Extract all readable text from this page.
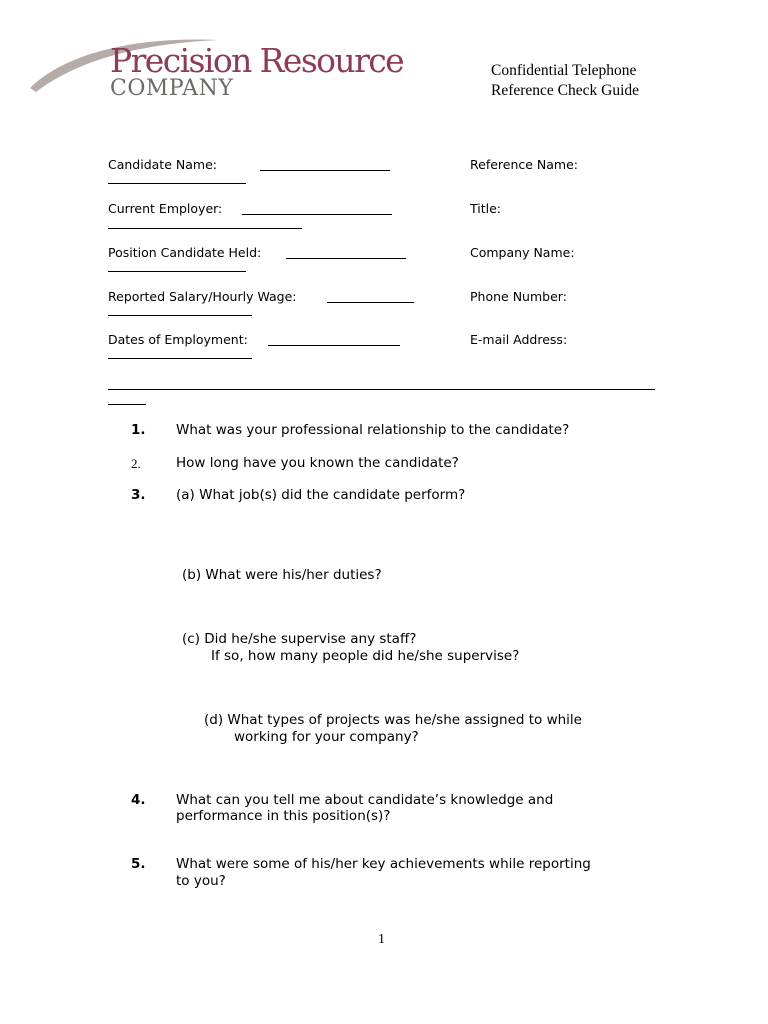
Precision Resource
COMPANY
Confidential Telephone
Reference Check Guide
Candidate Name:
Current Employer:
Position Candidate Held:
Reported Salary/Hourly Wage:
Dates of Employment:
Reference Name:
Title:
Company Name:
Phone Number:
E-mail Address:
1. What was your professional relationship to the candidate?
2.	How long have you known the candidate?
3. (a) What job(s) did the candidate perform?
(b) What were his/her duties?
(c) Did he/she supervise any staff?
If so, how many people did he/she supervise?
(d) What types of projects was he/she assigned to while
working for your company?
4. What can you tell me about candidate’s knowledge and
performance in this position(s)?
5. What were some of his/her key achievements while reporting
to you?
1
